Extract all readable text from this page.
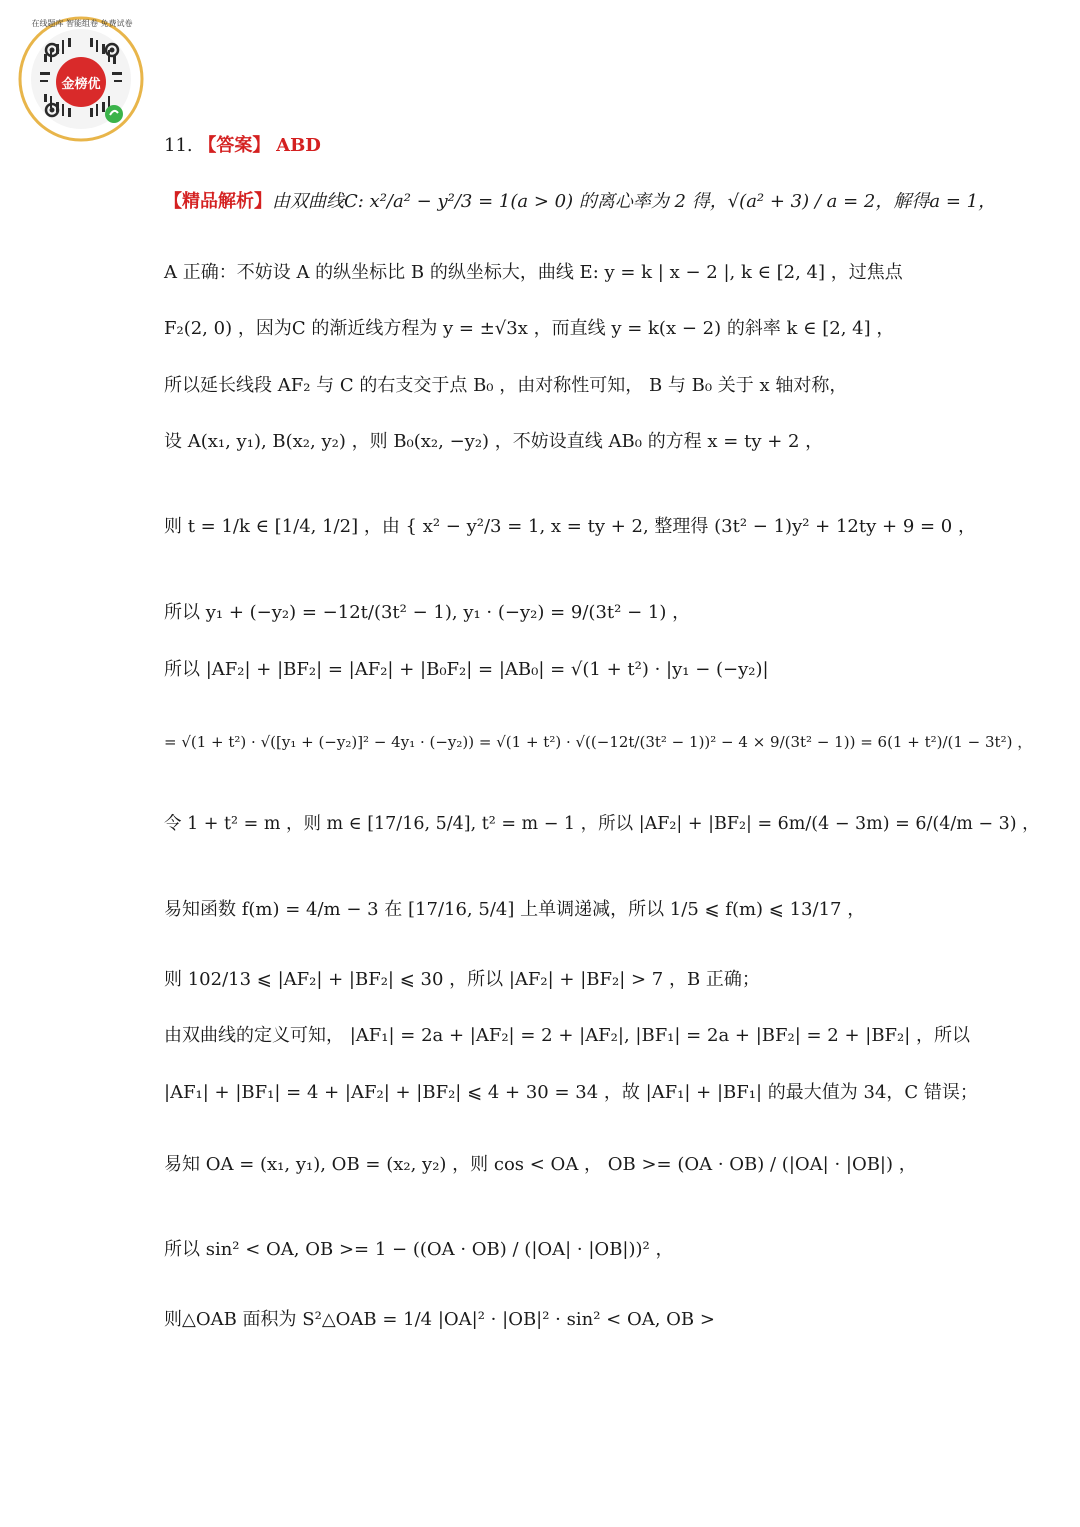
金榜优
在线题库 智能组卷 免费试卷
11. 【答案】 ABD
【精品解析】由双曲线C: x²/a² − y²/3 = 1(a > 0) 的离心率为 2 得，√(a² + 3) / a = 2，解得a = 1，
A 正确：不妨设 A 的纵坐标比 B 的纵坐标大，曲线 E: y = k | x − 2 |, k ∈ [2, 4] ，过焦点
F₂(2, 0) ，因为C 的渐近线方程为 y = ±√3x ，而直线 y = k(x − 2) 的斜率 k ∈ [2, 4] ，
所以延长线段 AF₂ 与 C 的右支交于点 B₀ ，由对称性可知， B 与 B₀ 关于 x 轴对称，
设 A(x₁, y₁), B(x₂, y₂) ，则 B₀(x₂, −y₂) ，不妨设直线 AB₀ 的方程 x = ty + 2 ，
则 t = 1/k ∈ [1/4, 1/2] ，由 { x² − y²/3 = 1, x = ty + 2, 整理得 (3t² − 1)y² + 12ty + 9 = 0 ，
所以 y₁ + (−y₂) = −12t/(3t² − 1), y₁ · (−y₂) = 9/(3t² − 1) ，
所以 |AF₂| + |BF₂| = |AF₂| + |B₀F₂| = |AB₀| = √(1 + t²) · |y₁ − (−y₂)|
= √(1 + t²) · √([y₁ + (−y₂)]² − 4y₁ · (−y₂)) = √(1 + t²) · √((−12t/(3t² − 1))² − 4 × 9/(3t² − 1)) = 6(1 + t²)/(1 − 3t²) ，
令 1 + t² = m ，则 m ∈ [17/16, 5/4], t² = m − 1 ，所以 |AF₂| + |BF₂| = 6m/(4 − 3m) = 6/(4/m − 3) ，
易知函数 f(m) = 4/m − 3 在 [17/16, 5/4] 上单调递减，所以 1/5 ⩽ f(m) ⩽ 13/17 ，
则 102/13 ⩽ |AF₂| + |BF₂| ⩽ 30 ，所以 |AF₂| + |BF₂| > 7 ，B 正确；
由双曲线的定义可知， |AF₁| = 2a + |AF₂| = 2 + |AF₂|, |BF₁| = 2a + |BF₂| = 2 + |BF₂| ，所以
|AF₁| + |BF₁| = 4 + |AF₂| + |BF₂| ⩽ 4 + 30 = 34 ，故 |AF₁| + |BF₁| 的最大值为 34，C 错误；
易知 OA = (x₁, y₁), OB = (x₂, y₂) ，则 cos < OA ， OB >= (OA · OB) / (|OA| · |OB|) ，
所以 sin² < OA, OB >= 1 − ((OA · OB) / (|OA| · |OB|))² ，
则△OAB 面积为 S²△OAB = 1/4 |OA|² · |OB|² · sin² < OA, OB >
